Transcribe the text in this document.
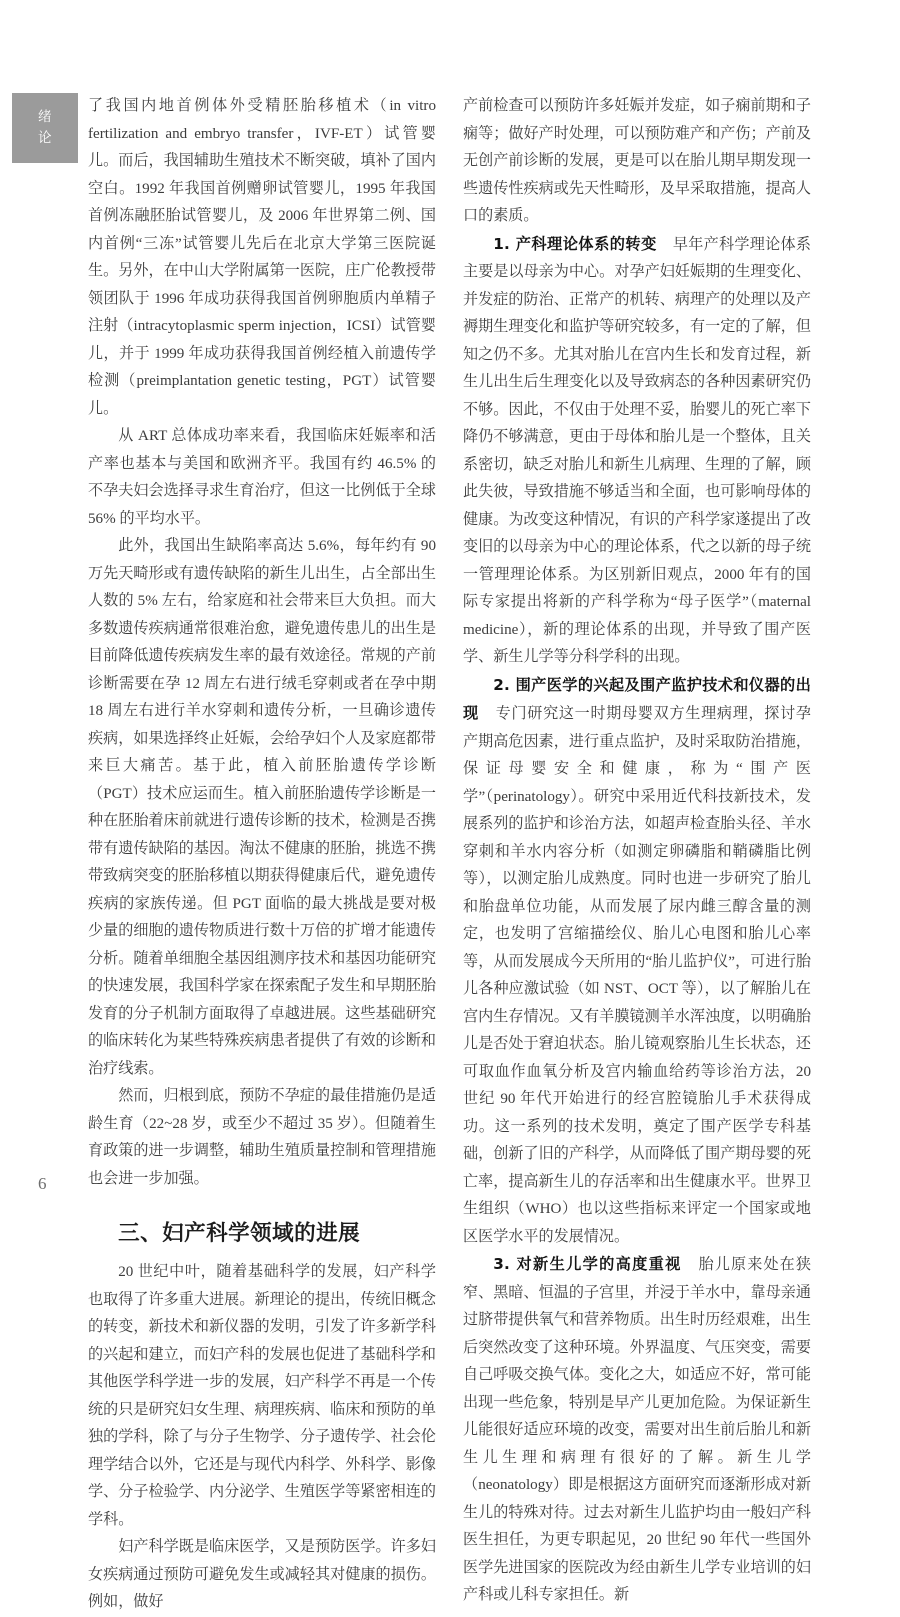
绪
论

了我国内地首例体外受精胚胎移植术（in vitro fertilization and embryo transfer，IVF-ET）试管婴儿。而后，我国辅助生殖技术不断突破，填补了国内空白。1992 年我国首例赠卵试管婴儿，1995 年我国首例冻融胚胎试管婴儿，及 2006 年世界第二例、国内首例“三冻”试管婴儿先后在北京大学第三医院诞生。另外，在中山大学附属第一医院，庄广伦教授带领团队于 1996 年成功获得我国首例卵胞质内单精子注射（intracytoplasmic sperm injection，ICSI）试管婴儿，并于 1999 年成功获得我国首例经植入前遗传学检测（preimplantation genetic testing，PGT）试管婴儿。

从 ART 总体成功率来看，我国临床妊娠率和活产率也基本与美国和欧洲齐平。我国有约 46.5% 的不孕夫妇会选择寻求生育治疗，但这一比例低于全球 56% 的平均水平。

此外，我国出生缺陷率高达 5.6%，每年约有 90 万先天畸形或有遗传缺陷的新生儿出生，占全部出生人数的 5% 左右，给家庭和社会带来巨大负担。而大多数遗传疾病通常很难治愈，避免遗传患儿的出生是目前降低遗传疾病发生率的最有效途径。常规的产前诊断需要在孕 12 周左右进行绒毛穿刺或者在孕中期 18 周左右进行羊水穿刺和遗传分析，一旦确诊遗传疾病，如果选择终止妊娠，会给孕妇个人及家庭都带来巨大痛苦。基于此，植入前胚胎遗传学诊断（PGT）技术应运而生。植入前胚胎遗传学诊断是一种在胚胎着床前就进行遗传诊断的技术，检测是否携带有遗传缺陷的基因。淘汰不健康的胚胎，挑选不携带致病突变的胚胎移植以期获得健康后代，避免遗传疾病的家族传递。但 PGT 面临的最大挑战是要对极少量的细胞的遗传物质进行数十万倍的扩增才能遗传分析。随着单细胞全基因组测序技术和基因功能研究的快速发展，我国科学家在探索配子发生和早期胚胎发育的分子机制方面取得了卓越进展。这些基础研究的临床转化为某些特殊疾病患者提供了有效的诊断和治疗线索。

然而，归根到底，预防不孕症的最佳措施仍是适龄生育（22~28 岁，或至少不超过 35 岁）。但随着生育政策的进一步调整，辅助生殖质量控制和管理措施也会进一步加强。

三、妇产科学领域的进展

20 世纪中叶，随着基础科学的发展，妇产科学也取得了许多重大进展。新理论的提出，传统旧概念的转变，新技术和新仪器的发明，引发了许多新学科的兴起和建立，而妇产科的发展也促进了基础科学和其他医学科学进一步的发展，妇产科学不再是一个传统的只是研究妇女生理、病理疾病、临床和预防的单独的学科，除了与分子生物学、分子遗传学、社会伦理学结合以外，它还是与现代内科学、外科学、影像学、分子检验学、内分泌学、生殖医学等紧密相连的学科。

妇产科学既是临床医学，又是预防医学。许多妇女疾病通过预防可避免发生或减轻其对健康的损伤。例如，做好

产前检查可以预防许多妊娠并发症，如子痫前期和子痫等；做好产时处理，可以预防难产和产伤；产前及无创产前诊断的发展，更是可以在胎儿期早期发现一些遗传性疾病或先天性畸形，及早采取措施，提高人口的素质。

1. 产科理论体系的转变 早年产科学理论体系主要是以母亲为中心。对孕产妇妊娠期的生理变化、并发症的防治、正常产的机转、病理产的处理以及产褥期生理变化和监护等研究较多，有一定的了解，但知之仍不多。尤其对胎儿在宫内生长和发育过程，新生儿出生后生理变化以及导致病态的各种因素研究仍不够。因此，不仅由于处理不妥，胎婴儿的死亡率下降仍不够满意，更由于母体和胎儿是一个整体，且关系密切，缺乏对胎儿和新生儿病理、生理的了解，顾此失彼，导致措施不够适当和全面，也可影响母体的健康。为改变这种情况，有识的产科学家遂提出了改变旧的以母亲为中心的理论体系，代之以新的母子统一管理理论体系。为区别新旧观点，2000 年有的国际专家提出将新的产科学称为“母子医学”（maternal medicine），新的理论体系的出现，并导致了围产医学、新生儿学等分科学科的出现。

2. 围产医学的兴起及围产监护技术和仪器的出现 专门研究这一时期母婴双方生理病理，探讨孕产期高危因素，进行重点监护，及时采取防治措施，保证母婴安全和健康，称为“围产医学”（perinatology）。研究中采用近代科技新技术，发展系列的监护和诊治方法，如超声检查胎头径、羊水穿刺和羊水内容分析（如测定卵磷脂和鞘磷脂比例等），以测定胎儿成熟度。同时也进一步研究了胎儿和胎盘单位功能，从而发展了尿内雌三醇含量的测定，也发明了宫缩描绘仪、胎儿心电图和胎儿心率等，从而发展成今天所用的“胎儿监护仪”，可进行胎儿各种应激试验（如 NST、OCT 等），以了解胎儿在宫内生存情况。又有羊膜镜测羊水浑浊度，以明确胎儿是否处于窘迫状态。胎儿镜观察胎儿生长状态，还可取血作血氧分析及宫内输血给药等诊治方法，20 世纪 90 年代开始进行的经宫腔镜胎儿手术获得成功。这一系列的技术发明，奠定了围产医学专科基础，创新了旧的产科学，从而降低了围产期母婴的死亡率，提高新生儿的存活率和出生健康水平。世界卫生组织（WHO）也以这些指标来评定一个国家或地区医学水平的发展情况。

3. 对新生儿学的高度重视 胎儿原来处在狭窄、黑暗、恒温的子宫里，并浸于羊水中，靠母亲通过脐带提供氧气和营养物质。出生时历经艰难，出生后突然改变了这种环境。外界温度、气压突变，需要自己呼吸交换气体。变化之大，如适应不好，常可能出现一些危象，特别是早产儿更加危险。为保证新生儿能很好适应环境的改变，需要对出生前后胎儿和新生儿生理和病理有很好的了解。新生儿学（neonatology）即是根据这方面研究而逐渐形成对新生儿的特殊对待。过去对新生儿监护均由一般妇产科医生担任，为更专职起见，20 世纪 90 年代一些国外医学先进国家的医院改为经由新生儿学专业培训的妇产科或儿科专家担任。新

6
